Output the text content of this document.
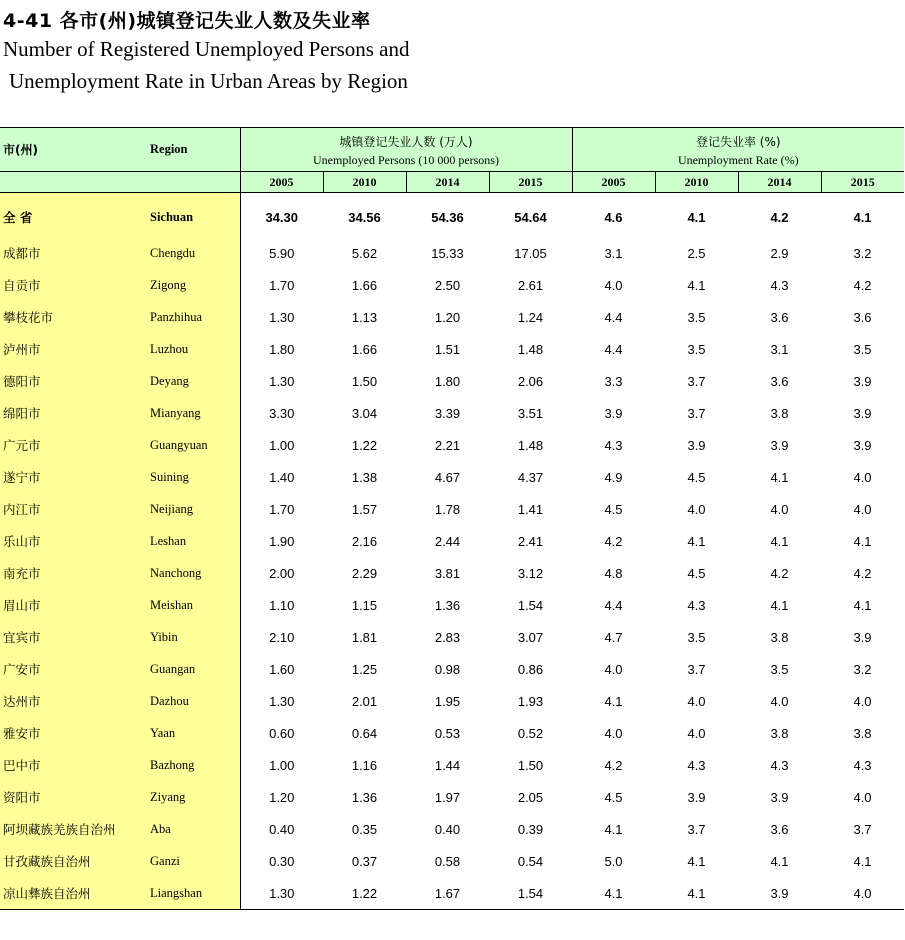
4-41 各市(州)城镇登记失业人数及失业率
Number of Registered Unemployed Persons and
Unemployment Rate in Urban Areas by Region
市(州)	Region	城镇登记失业人数 (万人)				登记失业率 (%)			
		Unemployed Persons (10 000 persons)				Unemployment Rate (%)			
		2005	2010	2014	2015	2005	2010	2014	2015
全 省	Sichuan	34.30	34.56	54.36	54.64	4.6	4.1	4.2	4.1
成都市	Chengdu	5.90	5.62	15.33	17.05	3.1	2.5	2.9	3.2
自贡市	Zigong	1.70	1.66	2.50	2.61	4.0	4.1	4.3	4.2
攀枝花市	Panzhihua	1.30	1.13	1.20	1.24	4.4	3.5	3.6	3.6
泸州市	Luzhou	1.80	1.66	1.51	1.48	4.4	3.5	3.1	3.5
德阳市	Deyang	1.30	1.50	1.80	2.06	3.3	3.7	3.6	3.9
绵阳市	Mianyang	3.30	3.04	3.39	3.51	3.9	3.7	3.8	3.9
广元市	Guangyuan	1.00	1.22	2.21	1.48	4.3	3.9	3.9	3.9
遂宁市	Suining	1.40	1.38	4.67	4.37	4.9	4.5	4.1	4.0
内江市	Neijiang	1.70	1.57	1.78	1.41	4.5	4.0	4.0	4.0
乐山市	Leshan	1.90	2.16	2.44	2.41	4.2	4.1	4.1	4.1
南充市	Nanchong	2.00	2.29	3.81	3.12	4.8	4.5	4.2	4.2
眉山市	Meishan	1.10	1.15	1.36	1.54	4.4	4.3	4.1	4.1
宜宾市	Yibin	2.10	1.81	2.83	3.07	4.7	3.5	3.8	3.9
广安市	Guangan	1.60	1.25	0.98	0.86	4.0	3.7	3.5	3.2
达州市	Dazhou	1.30	2.01	1.95	1.93	4.1	4.0	4.0	4.0
雅安市	Yaan	0.60	0.64	0.53	0.52	4.0	4.0	3.8	3.8
巴中市	Bazhong	1.00	1.16	1.44	1.50	4.2	4.3	4.3	4.3
资阳市	Ziyang	1.20	1.36	1.97	2.05	4.5	3.9	3.9	4.0
阿坝藏族羌族自治州	Aba	0.40	0.35	0.40	0.39	4.1	3.7	3.6	3.7
甘孜藏族自治州	Ganzi	0.30	0.37	0.58	0.54	5.0	4.1	4.1	4.1
凉山彝族自治州	Liangshan	1.30	1.22	1.67	1.54	4.1	4.1	3.9	4.0
